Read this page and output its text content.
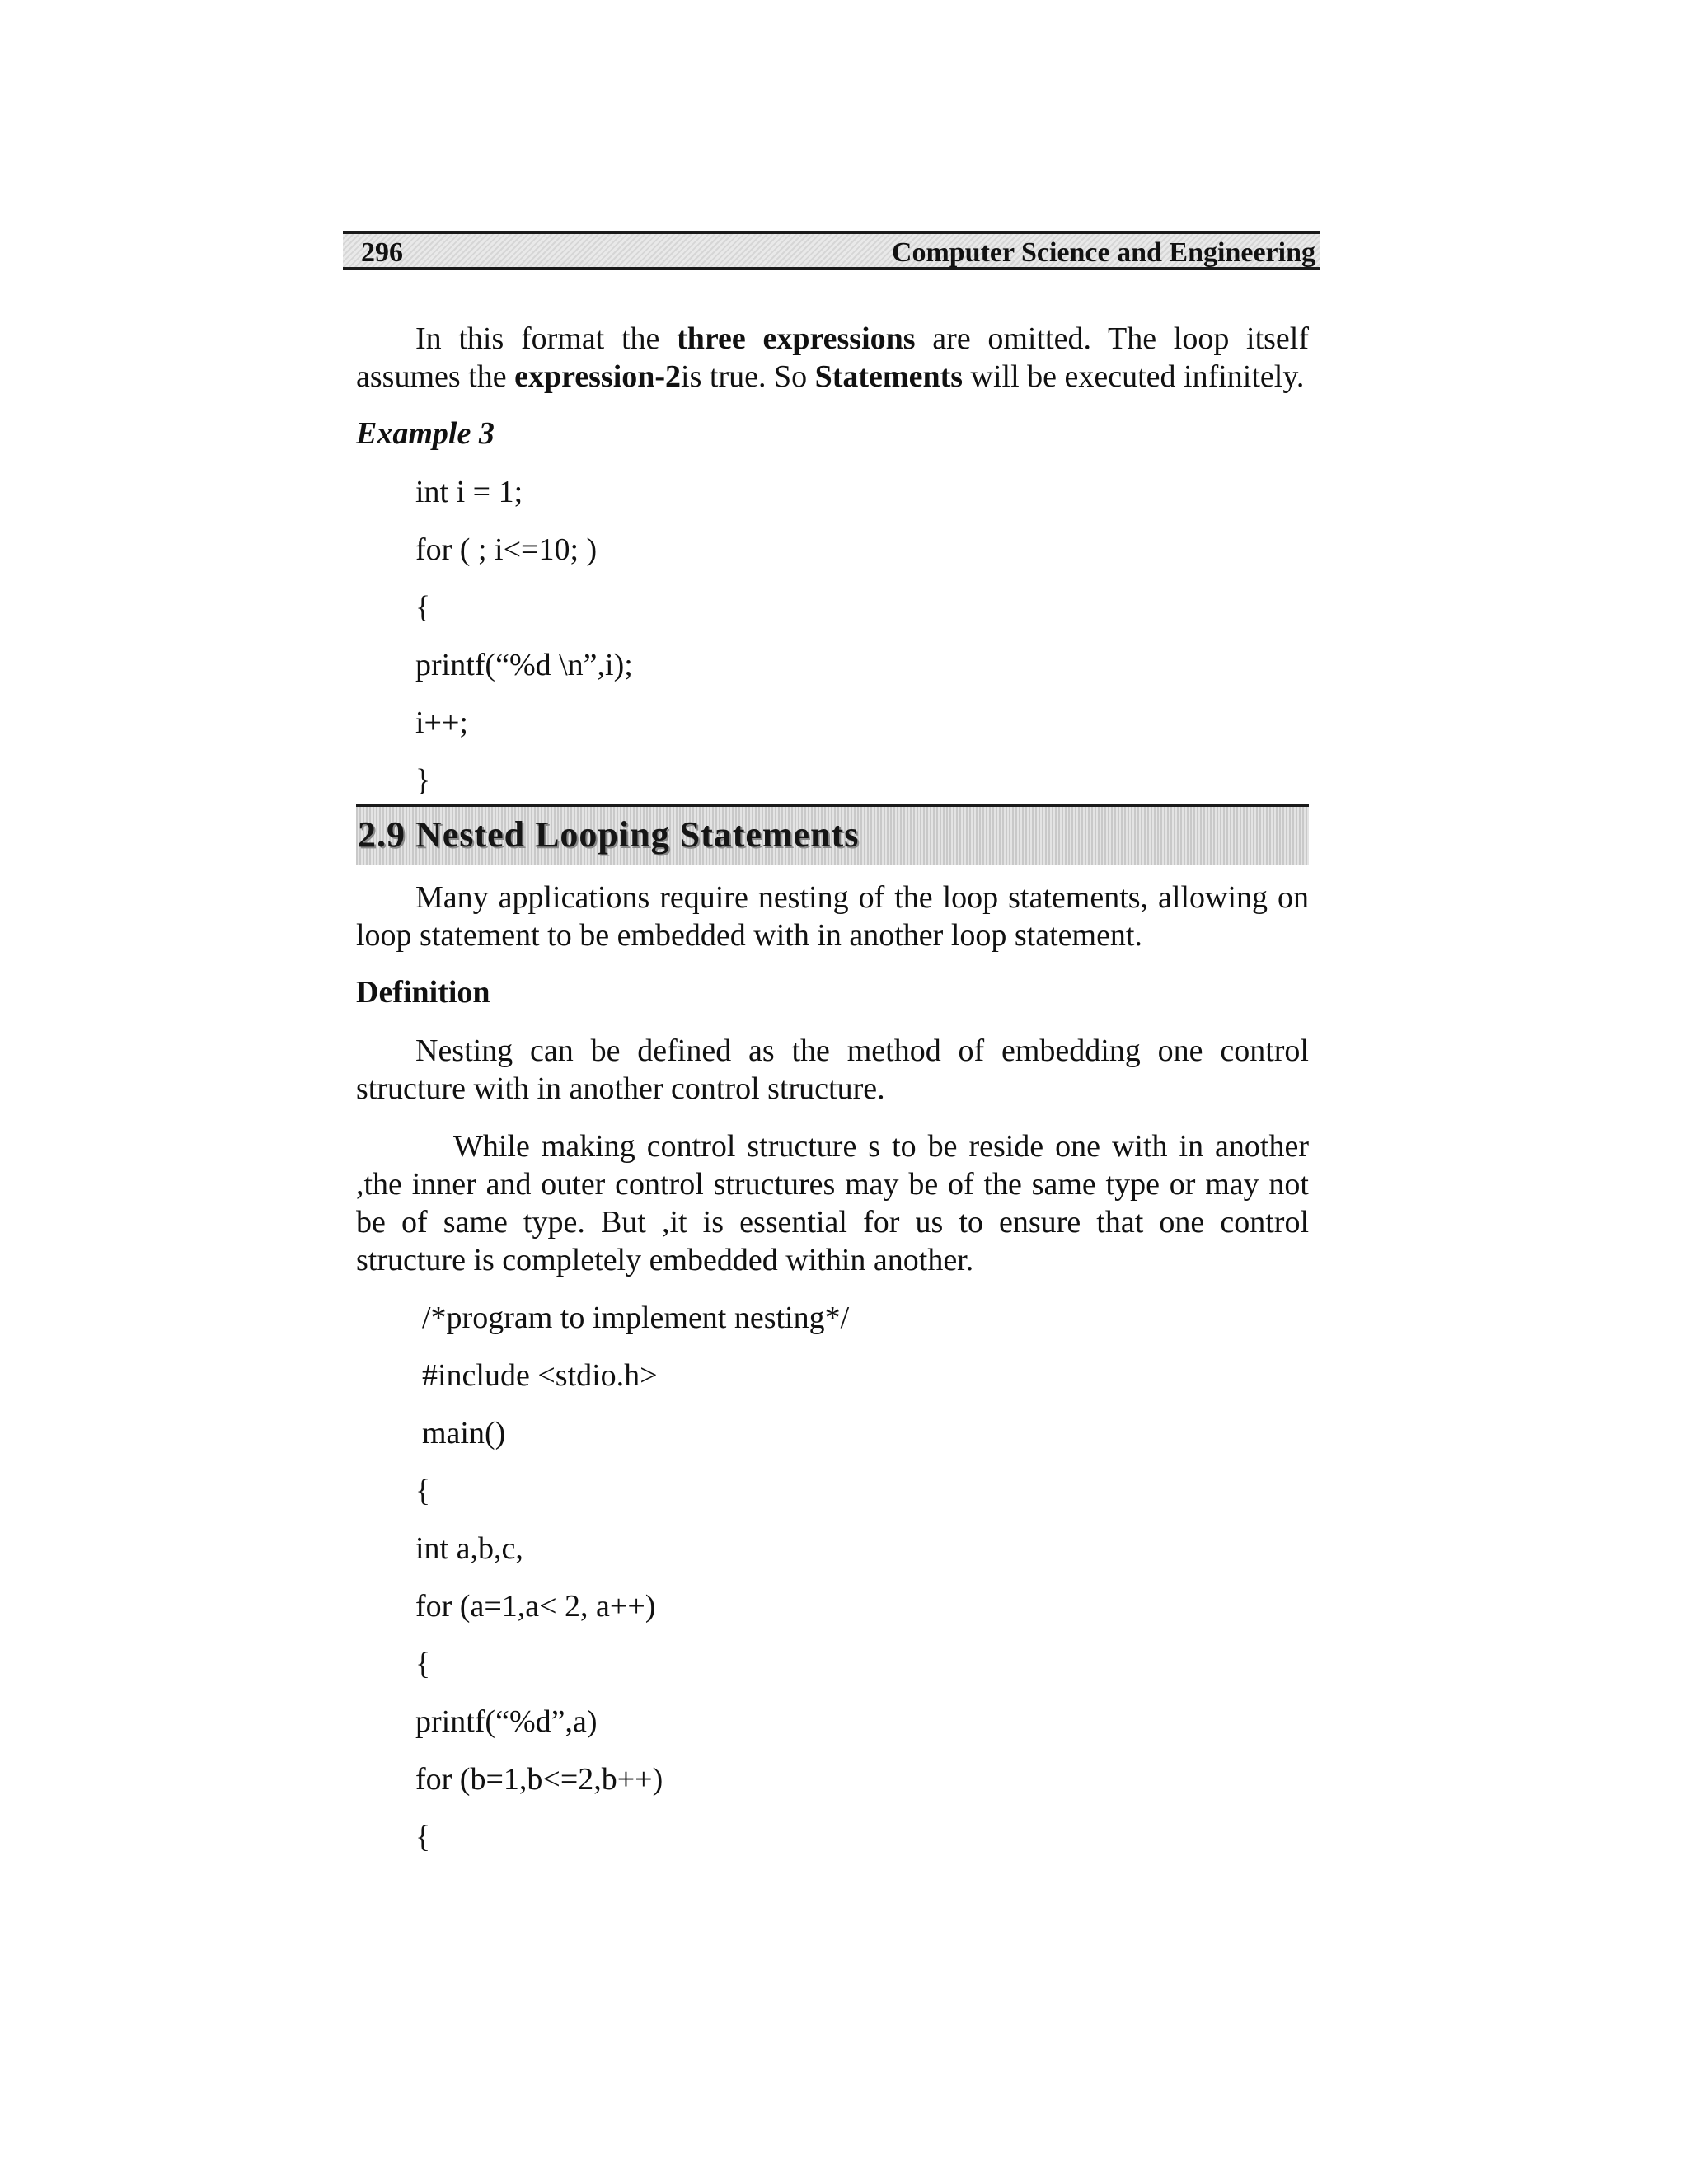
296	Computer Science and Engineering

In this format the three expressions are omitted. The loop itself assumes the expression-2is true. So Statements will be executed infinitely.

Example 3
int i = 1;
for ( ; i<=10; )
{
printf(“%d \n”,i);
i++;
}
2.9 Nested Looping Statements

Many applications require nesting of the loop statements, allowing on loop statement to be embedded with in another loop statement.

Definition

Nesting can be defined as the method of embedding one control structure with in another control structure.

While making control structure s to be reside one with in another ,the inner and outer control structures may be of the same type or may not be of same type. But ,it is essential for us to ensure that one control structure is completely embedded within another.

/*program to implement nesting*/
#include <stdio.h>
main()
{
int a,b,c,
for (a=1,a< 2, a++)
{
printf(“%d”,a)
for (b=1,b<=2,b++)
{
